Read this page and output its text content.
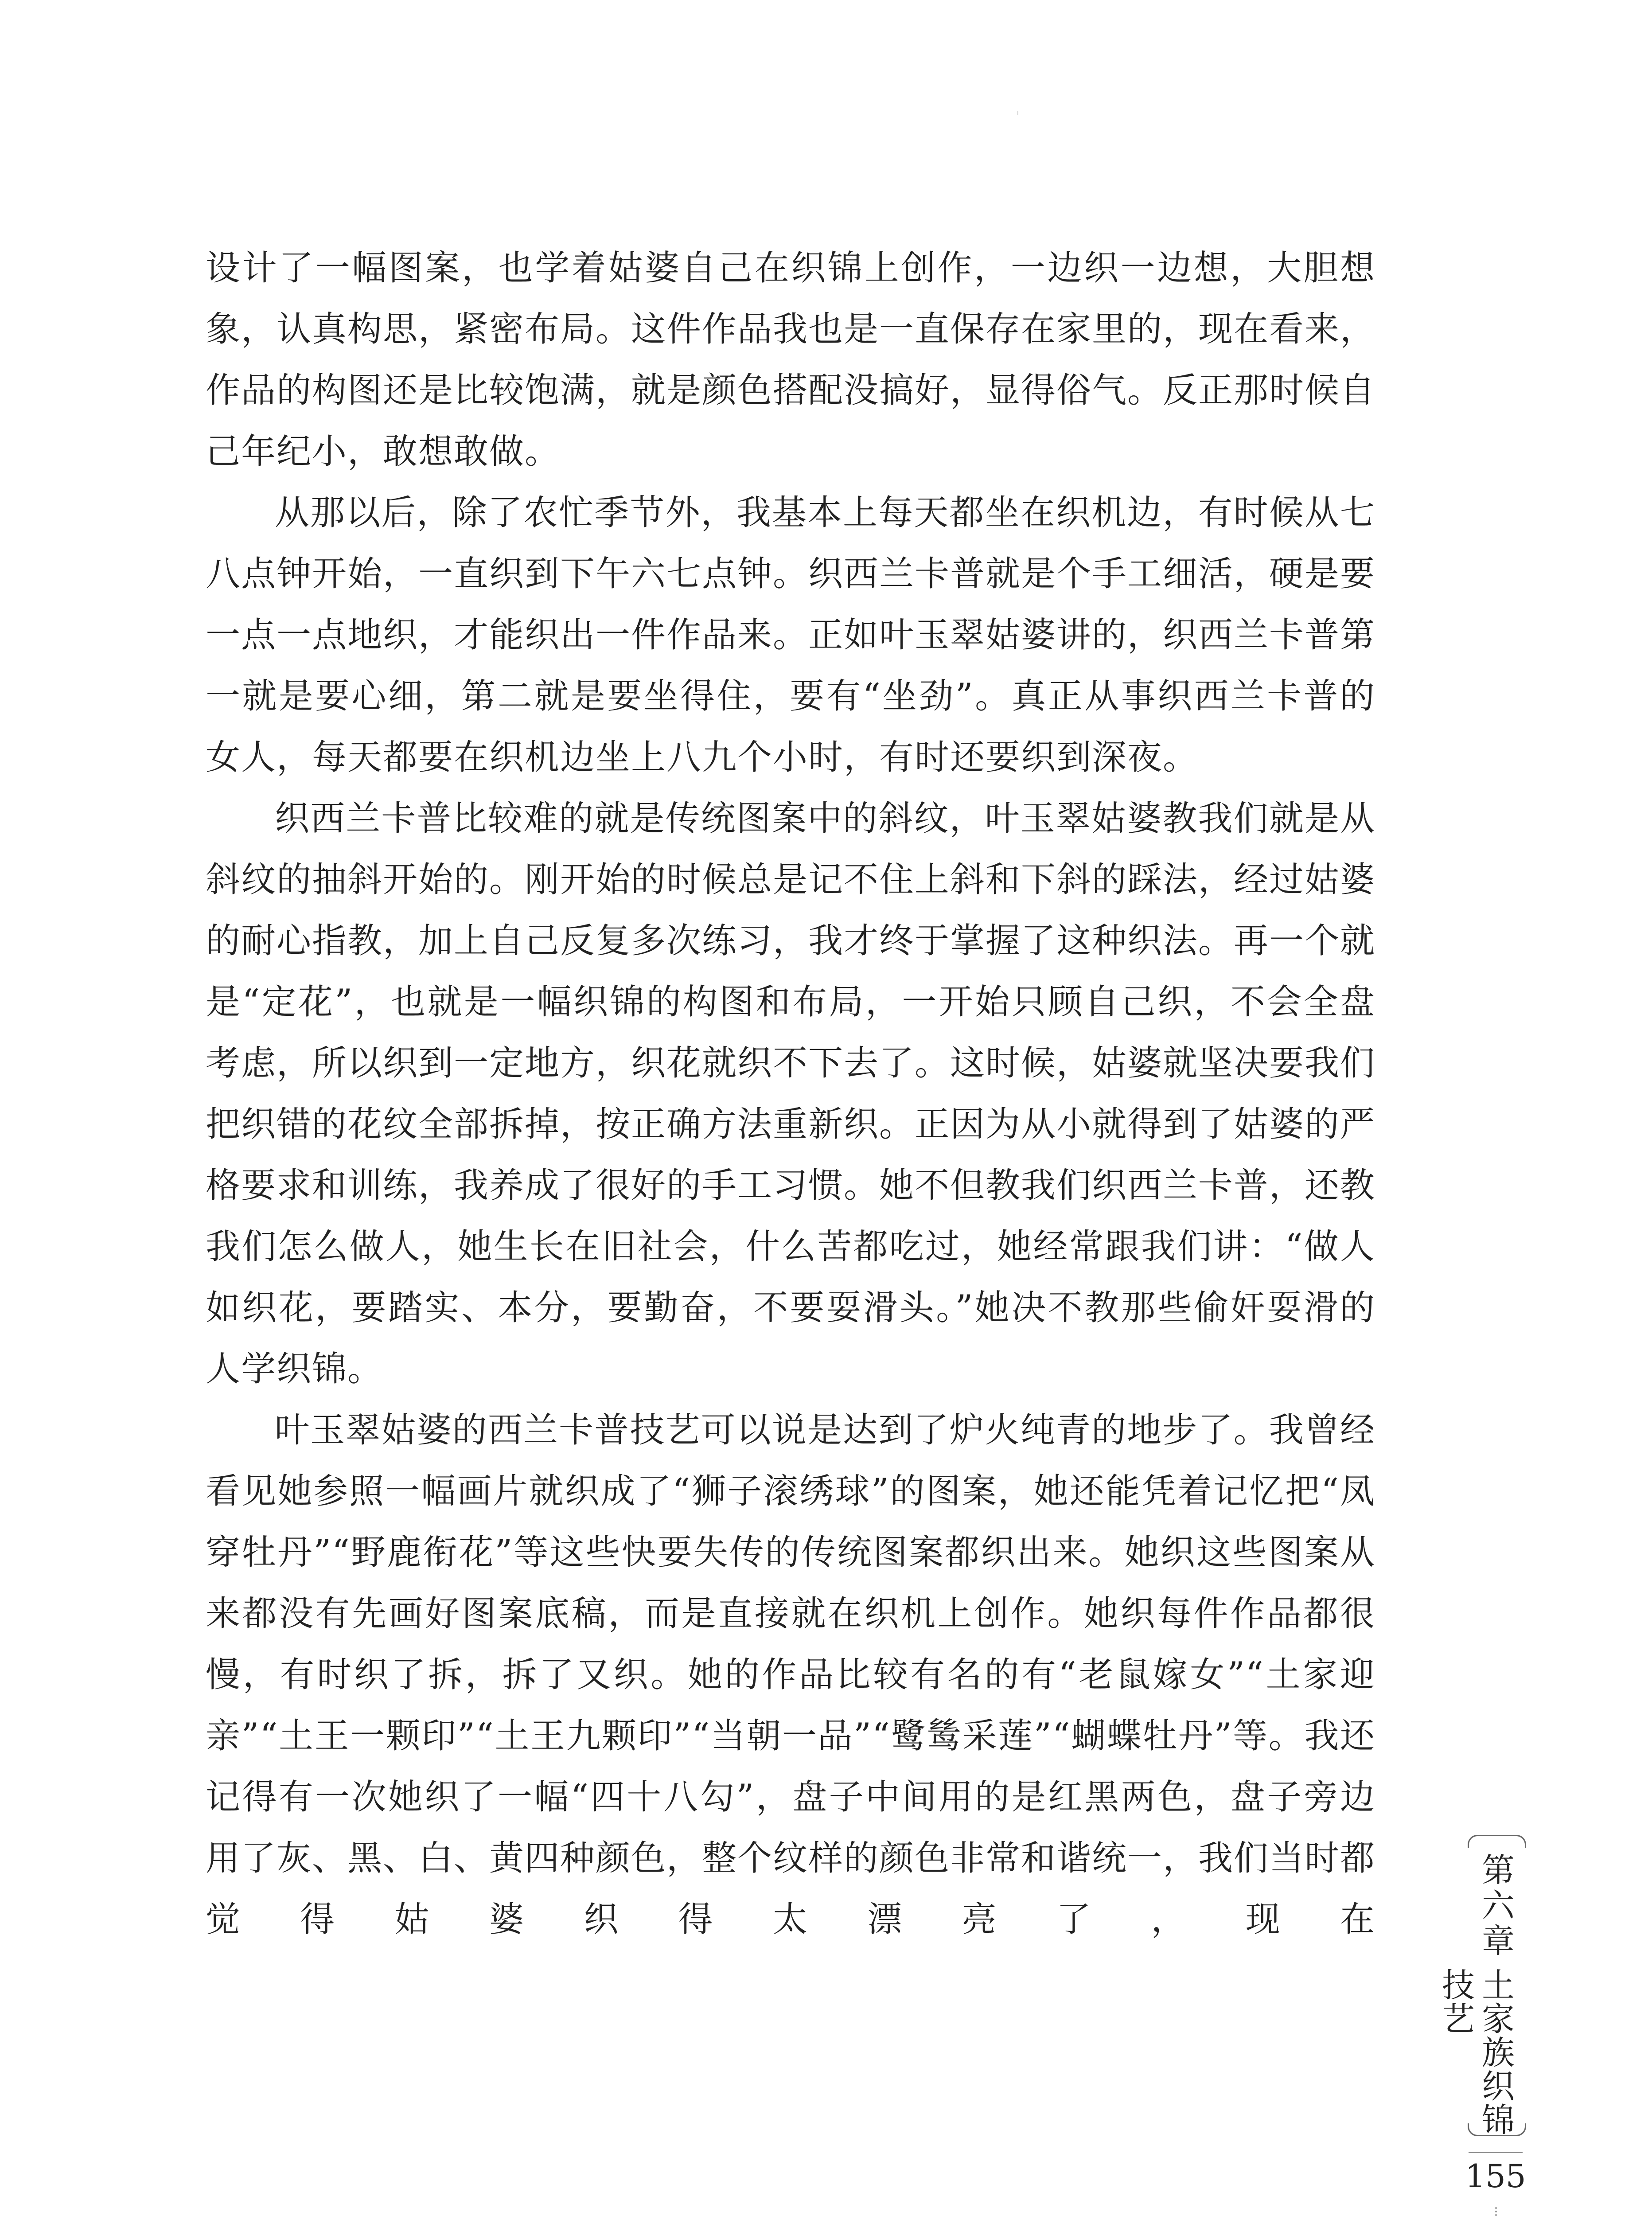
设计了一幅图案，也学着姑婆自己在织锦上创作，一边织一边想，大胆想象，认真构思，紧密布局。这件作品我也是一直保存在家里的，现在看来，作品的构图还是比较饱满，就是颜色搭配没搞好，显得俗气。反正那时候自己年纪小，敢想敢做。

从那以后，除了农忙季节外，我基本上每天都坐在织机边，有时候从七八点钟开始，一直织到下午六七点钟。织西兰卡普就是个手工细活，硬是要一点一点地织，才能织出一件作品来。正如叶玉翠姑婆讲的，织西兰卡普第一就是要心细，第二就是要坐得住，要有“坐劲”。真正从事织西兰卡普的女人，每天都要在织机边坐上八九个小时，有时还要织到深夜。

织西兰卡普比较难的就是传统图案中的斜纹，叶玉翠姑婆教我们就是从斜纹的抽斜开始的。刚开始的时候总是记不住上斜和下斜的踩法，经过姑婆的耐心指教，加上自己反复多次练习，我才终于掌握了这种织法。再一个就是“定花”，也就是一幅织锦的构图和布局，一开始只顾自己织，不会全盘考虑，所以织到一定地方，织花就织不下去了。这时候，姑婆就坚决要我们把织错的花纹全部拆掉，按正确方法重新织。正因为从小就得到了姑婆的严格要求和训练，我养成了很好的手工习惯。她不但教我们织西兰卡普，还教我们怎么做人，她生长在旧社会，什么苦都吃过，她经常跟我们讲：“做人如织花，要踏实、本分，要勤奋，不要耍滑头。”她决不教那些偷奸耍滑的人学织锦。

叶玉翠姑婆的西兰卡普技艺可以说是达到了炉火纯青的地步了。我曾经看见她参照一幅画片就织成了“狮子滚绣球”的图案，她还能凭着记忆把“凤穿牡丹”“野鹿衔花”等这些快要失传的传统图案都织出来。她织这些图案从来都没有先画好图案底稿，而是直接就在织机上创作。她织每件作品都很慢，有时织了拆，拆了又织。她的作品比较有名的有“老鼠嫁女”“土家迎亲”“土王一颗印”“土王九颗印”“当朝一品”“鹭鸶采莲”“蝴蝶牡丹”等。我还记得有一次她织了一幅“四十八勾”，盘子中间用的是红黑两色，盘子旁边用了灰、黑、白、黄四种颜色，整个纹样的颜色非常和谐统一，我们当时都觉得姑婆织得太漂亮了，现在	第六章
土家族织锦技艺
155
